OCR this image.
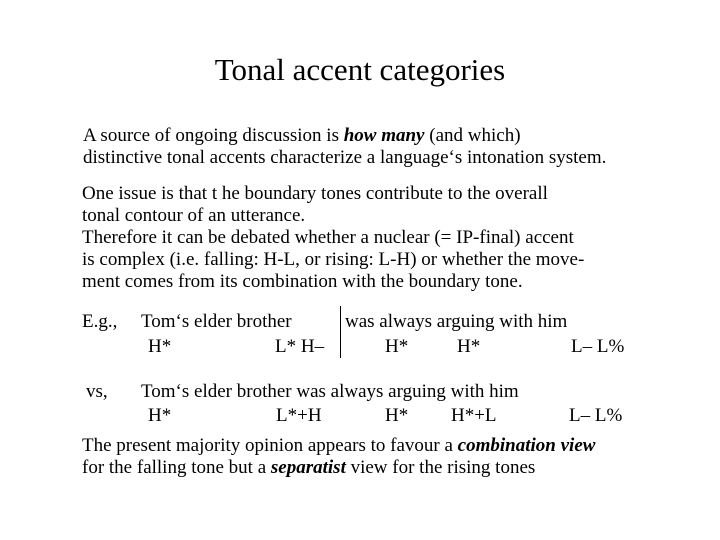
Tonal accent categories
A source of ongoing discussion is how many (and which)
distinctive tonal accents characterize a language‘s intonation system.
One issue is that t he boundary tones contribute to the overall
tonal contour of an utterance.
Therefore it can be debated whether a nuclear (= IP-final) accent
is complex (i.e. falling: H-L, or rising: L-H) or whether the move-
ment comes from its combination with the boundary tone.
E.g., Tom‘s elder brother	was always arguing with him
H*	L* H–	H*	H*	L– L%
vs, Tom‘s elder brother was always arguing with him
H*	L*+H	H* H*+L	L– L%
The present majority opinion appears to favour a combination view
for the falling tone but a separatist view for the rising tones
